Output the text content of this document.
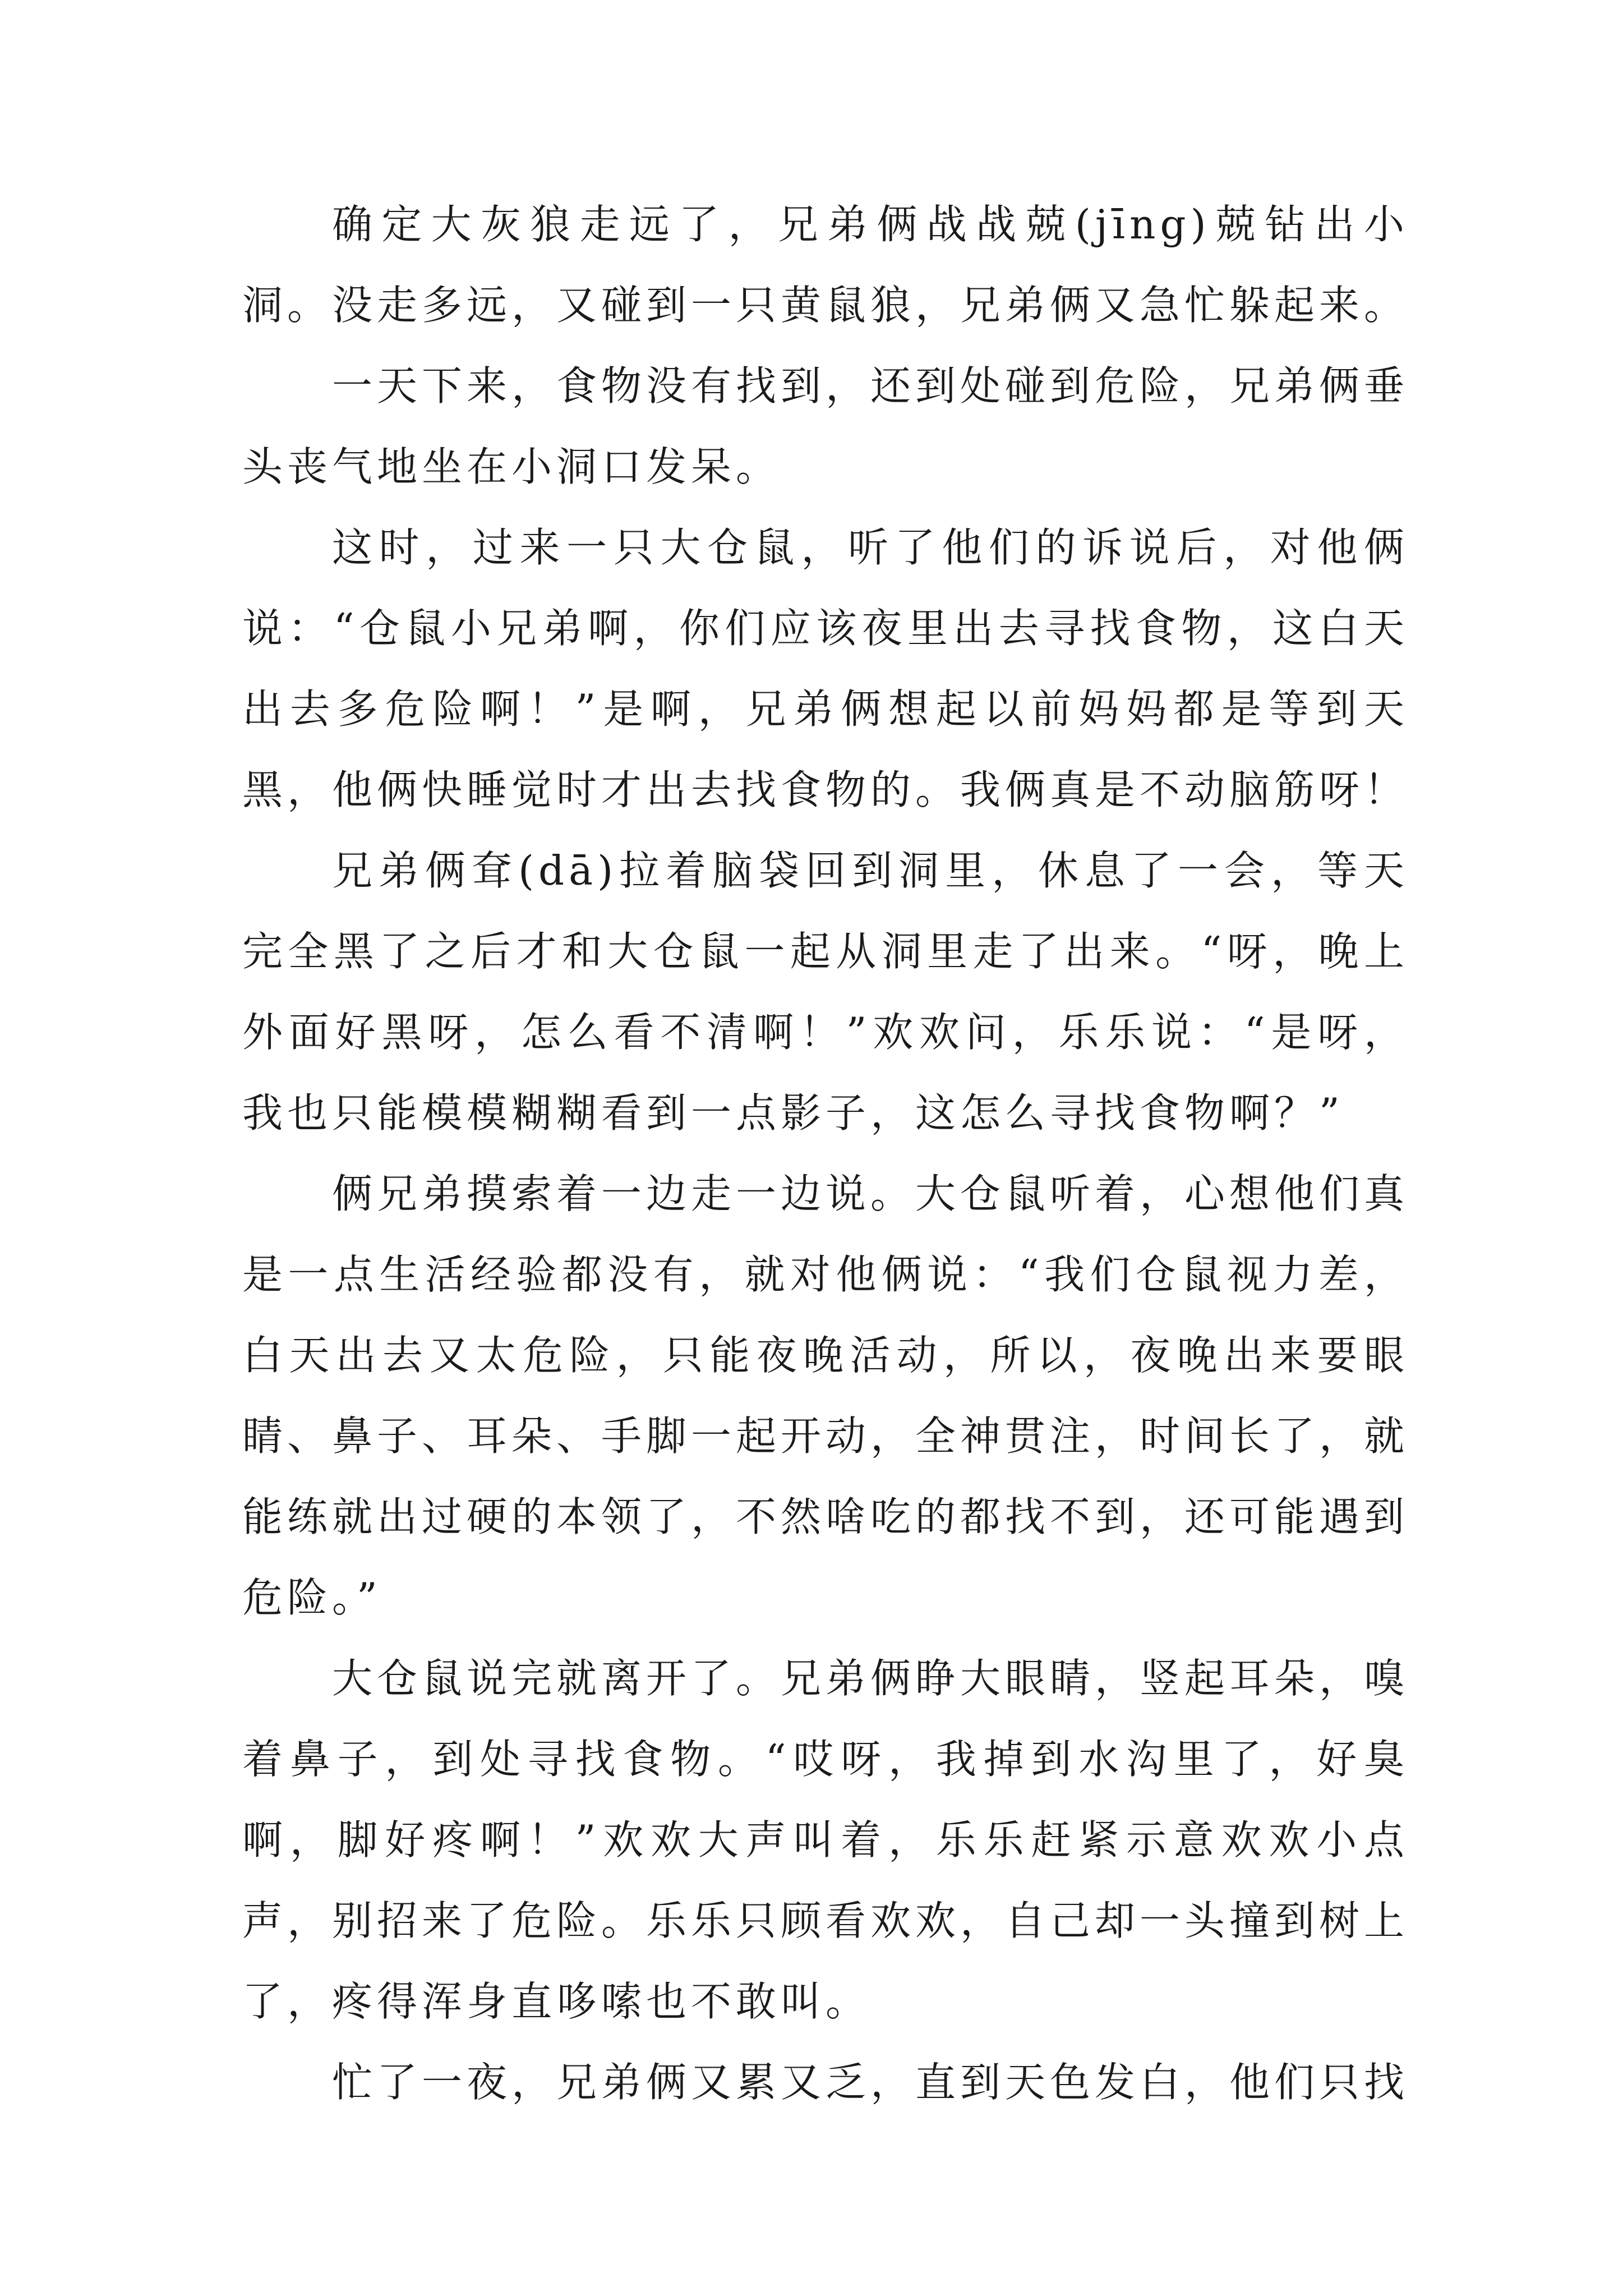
确定大灰狼走远了，兄弟俩战战兢(jīng)兢钻出小洞。没走多远，又碰到一只黄鼠狼，兄弟俩又急忙躲起来。

一天下来，食物没有找到，还到处碰到危险，兄弟俩垂头丧气地坐在小洞口发呆。

这时，过来一只大仓鼠，听了他们的诉说后，对他俩说：“仓鼠小兄弟啊，你们应该夜里出去寻找食物，这白天出去多危险啊！”是啊，兄弟俩想起以前妈妈都是等到天黑，他俩快睡觉时才出去找食物的。我俩真是不动脑筋呀！

兄弟俩耷(dā)拉着脑袋回到洞里，休息了一会，等天完全黑了之后才和大仓鼠一起从洞里走了出来。“呀，晚上外面好黑呀，怎么看不清啊！”欢欢问，乐乐说：“是呀，我也只能模模糊糊看到一点影子，这怎么寻找食物啊？”

俩兄弟摸索着一边走一边说。大仓鼠听着，心想他们真是一点生活经验都没有，就对他俩说：“我们仓鼠视力差，白天出去又太危险，只能夜晚活动，所以，夜晚出来要眼睛、鼻子、耳朵、手脚一起开动，全神贯注，时间长了，就能练就出过硬的本领了，不然啥吃的都找不到，还可能遇到危险。”

大仓鼠说完就离开了。兄弟俩睁大眼睛，竖起耳朵，嗅着鼻子，到处寻找食物。“哎呀，我掉到水沟里了，好臭啊，脚好疼啊！”欢欢大声叫着，乐乐赶紧示意欢欢小点声，别招来了危险。乐乐只顾看欢欢，自己却一头撞到树上了，疼得浑身直哆嗦也不敢叫。

忙了一夜，兄弟俩又累又乏，直到天色发白，他们只找
